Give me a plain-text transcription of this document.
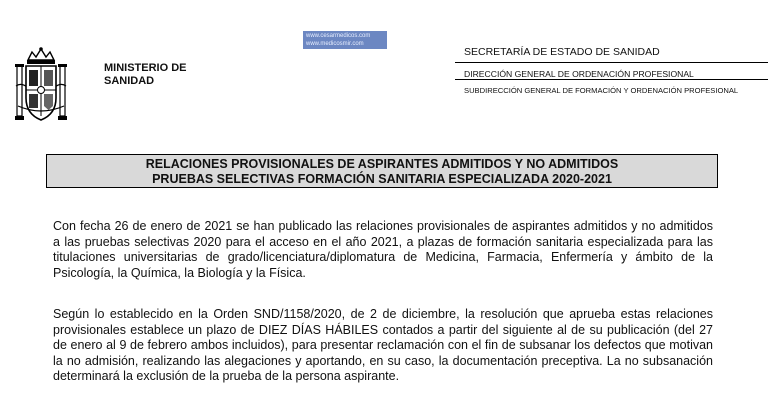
MINISTERIO DE
SANIDAD
www.cesarmedicos.com
www.medicosmir.com
SECRETARÍA DE ESTADO DE SANIDAD
DIRECCIÓN GENERAL DE ORDENACIÓN PROFESIONAL
SUBDIRECCIÓN GENERAL DE FORMACIÓN Y ORDENACIÓN PROFESIONAL
RELACIONES PROVISIONALES DE ASPIRANTES ADMITIDOS Y NO ADMITIDOS
PRUEBAS SELECTIVAS FORMACIÓN SANITARIA ESPECIALIZADA 2020-2021

Con fecha 26 de enero de 2021 se han publicado las relaciones provisionales de aspirantes admitidos y no admitidos a las pruebas selectivas 2020 para el acceso en el año 2021, a plazas de formación sanitaria especializada para las titulaciones universitarias de grado/licenciatura/diplomatura de Medicina, Farmacia, Enfermería y ámbito de la Psicología, la Química, la Biología y la Física.

Según lo establecido en la Orden SND/1158/2020, de 2 de diciembre, la resolución que aprueba estas relaciones provisionales establece un plazo de DIEZ DÍAS HÁBILES contados a partir del siguiente al de su publicación (del 27 de enero al 9 de febrero ambos incluidos), para presentar reclamación con el fin de subsanar los defectos que motivan la no admisión, realizando las alegaciones y aportando, en su caso, la documentación preceptiva. La no subsanación determinará la exclusión de la prueba de la persona aspirante.
